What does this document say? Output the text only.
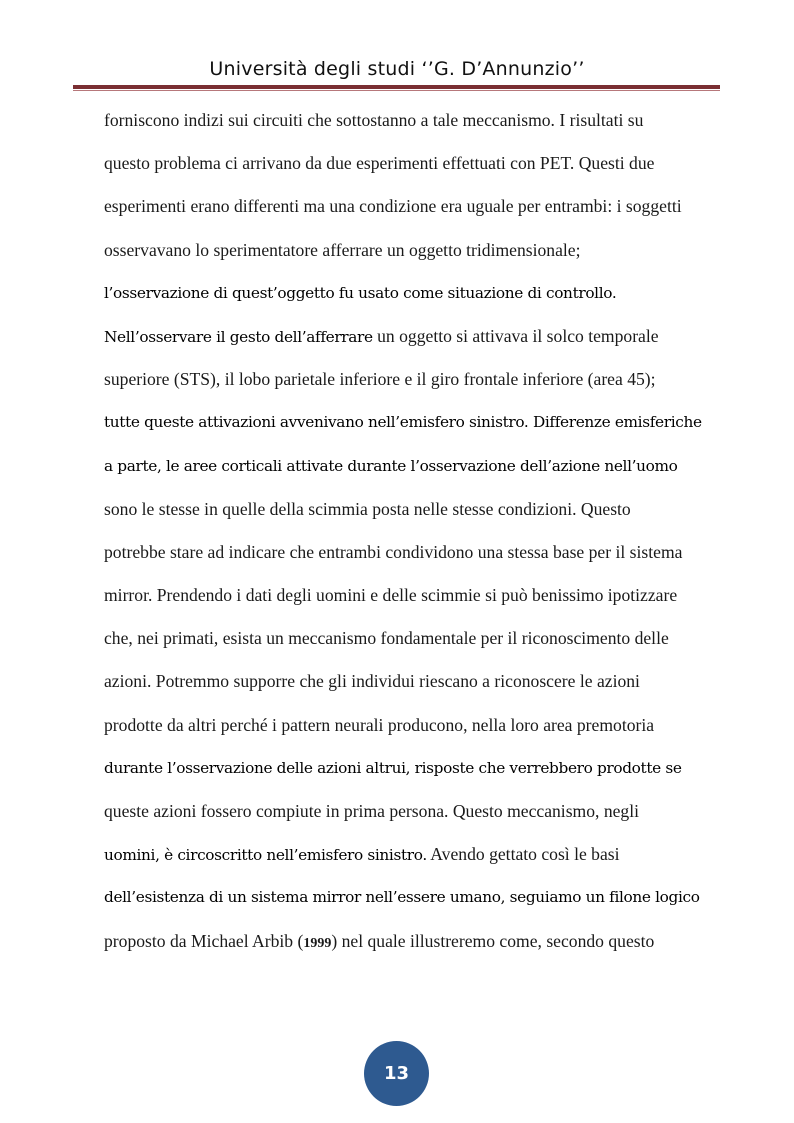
Università degli studi ‘’G. D’Annunzio’’
forniscono indizi sui circuiti che sottostanno a tale meccanismo. I risultati su
questo problema ci arrivano da due esperimenti effettuati con PET. Questi due
esperimenti erano differenti ma una condizione era uguale per entrambi: i soggetti
osservavano lo sperimentatore afferrare un oggetto tridimensionale;
l’osservazione di quest’oggetto fu usato come situazione di controllo.
Nell’osservare il gesto dell’afferrare un oggetto si attivava il solco temporale
superiore (STS), il lobo parietale inferiore e il giro frontale inferiore (area 45);
tutte queste attivazioni avvenivano nell’emisfero sinistro. Differenze emisferiche
a parte, le aree corticali attivate durante l’osservazione dell’azione nell’uomo
sono le stesse in quelle della scimmia posta nelle stesse condizioni. Questo
potrebbe stare ad indicare che entrambi condividono una stessa base per il sistema
mirror. Prendendo i dati degli uomini e delle scimmie si può benissimo ipotizzare
che, nei primati, esista un meccanismo fondamentale per il riconoscimento delle
azioni. Potremmo supporre che gli individui riescano a riconoscere le azioni
prodotte da altri perché i pattern neurali producono, nella loro area premotoria
durante l’osservazione delle azioni altrui, risposte che verrebbero prodotte se
queste azioni fossero compiute in prima persona. Questo meccanismo, negli
uomini, è circoscritto nell’emisfero sinistro. Avendo gettato così le basi
dell’esistenza di un sistema mirror nell’essere umano, seguiamo un filone logico
proposto da Michael Arbib (1999) nel quale illustreremo come, secondo questo
13
